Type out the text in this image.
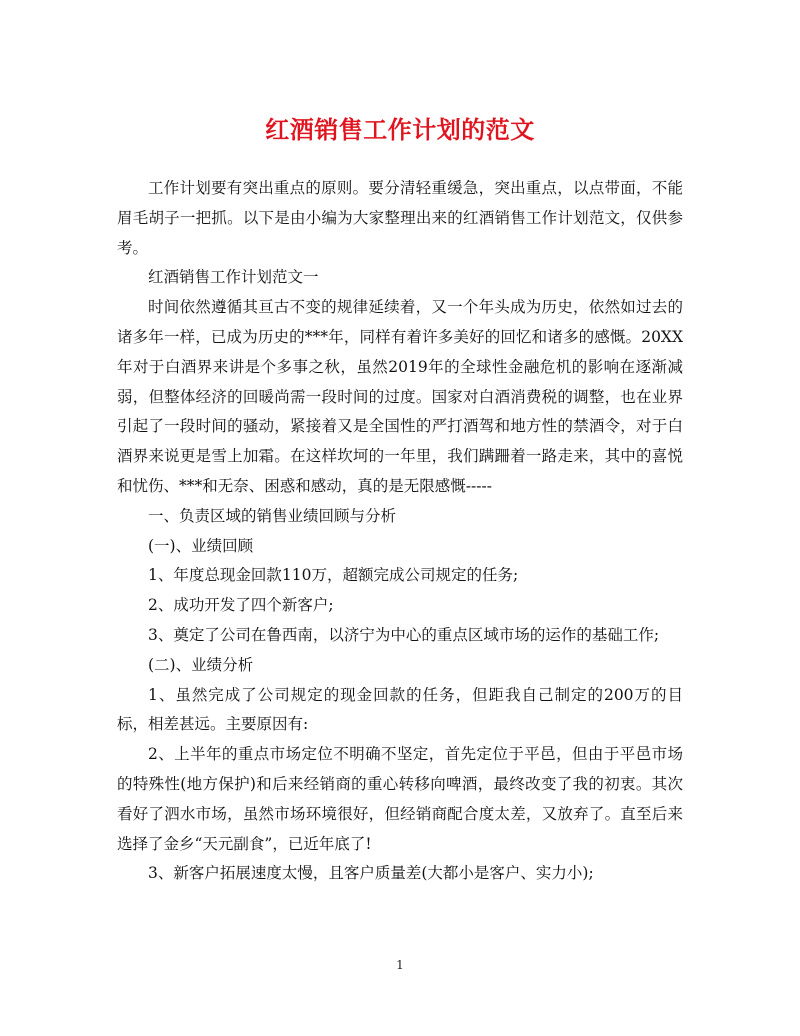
红酒销售工作计划的范文

工作计划要有突出重点的原则。要分清轻重缓急，突出重点，以点带面，不能眉毛胡子一把抓。以下是由小编为大家整理出来的红酒销售工作计划范文，仅供参考。

红酒销售工作计划范文一

时间依然遵循其亘古不变的规律延续着，又一个年头成为历史，依然如过去的诸多年一样，已成为历史的***年，同样有着许多美好的回忆和诸多的感慨。20XX年对于白酒界来讲是个多事之秋，虽然2019年的全球性金融危机的影响在逐渐减弱，但整体经济的回暖尚需一段时间的过度。国家对白酒消费税的调整，也在业界引起了一段时间的骚动，紧接着又是全国性的严打酒驾和地方性的禁酒令，对于白酒界来说更是雪上加霜。在这样坎坷的一年里，我们蹒跚着一路走来，其中的喜悦和忧伤、***和无奈、困惑和感动，真的是无限感慨-----

一、负责区域的销售业绩回顾与分析

(一)、业绩回顾

1、年度总现金回款110万，超额完成公司规定的任务;

2、成功开发了四个新客户;

3、奠定了公司在鲁西南，以济宁为中心的重点区域市场的运作的基础工作;

(二)、业绩分析

1、虽然完成了公司规定的现金回款的任务，但距我自己制定的200万的目标，相差甚远。主要原因有:

2、上半年的重点市场定位不明确不坚定，首先定位于平邑，但由于平邑市场的特殊性(地方保护)和后来经销商的重心转移向啤酒，最终改变了我的初衷。其次看好了泗水市场，虽然市场环境很好，但经销商配合度太差，又放弃了。直至后来选择了金乡“天元副食”，已近年底了!

3、新客户拓展速度太慢，且客户质量差(大都小是客户、实力小);

1
